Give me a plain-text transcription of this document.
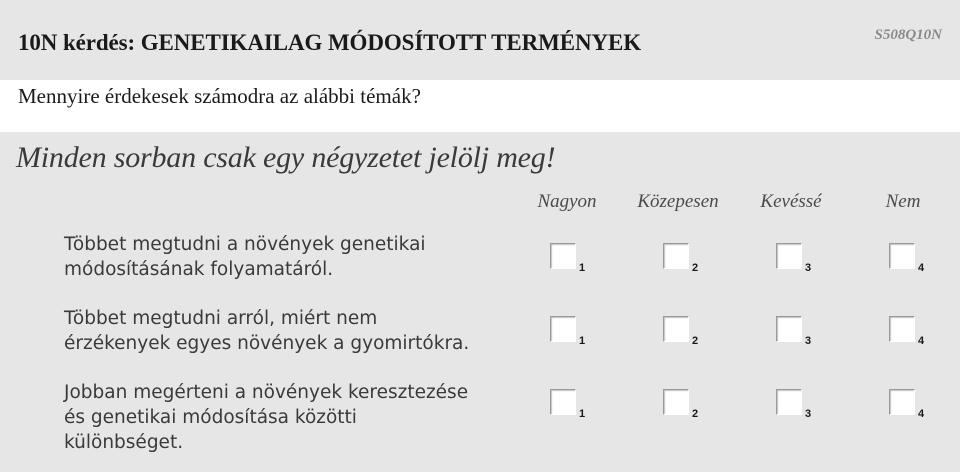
10N kérdés: GENETIKAILAG MÓDOSÍTOTT TERMÉNYEK	S508Q10N
Mennyire érdekesek számodra az alábbi témák?
Minden sorban csak egy négyzetet jelölj meg!
Nagyon Közepesen Kevéssé	Nem
Többet megtudni a növények genetikai
módosításának folyamatáról.	1	2	3	4
Többet megtudni arról, miért nem
érzékenyek egyes növények a gyomirtókra.	1	2	3	4
Jobban megérteni a növények keresztezése
és genetikai módosítása közötti
különbséget.
1	2	3	4
